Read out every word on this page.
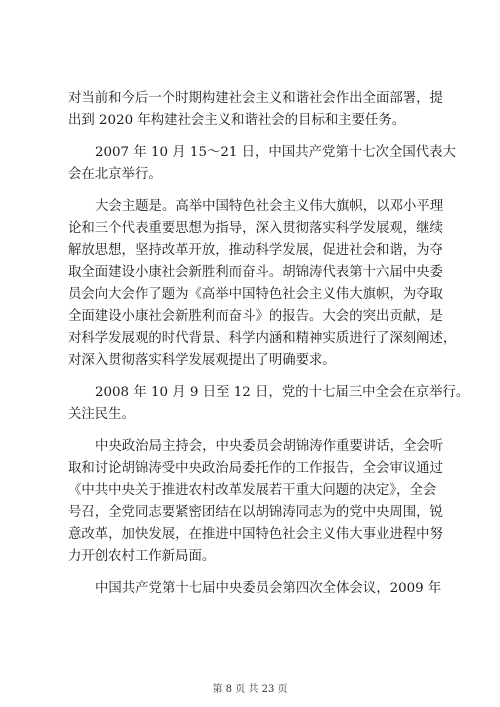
对当前和今后一个时期构建社会主义和谐社会作出全面部署，提
出到 2020 年构建社会主义和谐社会的目标和主要任务。

2007 年 10 月 15～21 日，中国共产党第十七次全国代表大
会在北京举行。

大会主题是。高举中国特色社会主义伟大旗帜，以邓小平理
论和三个代表重要思想为指导，深入贯彻落实科学发展观，继续
解放思想，坚持改革开放，推动科学发展，促进社会和谐，为夺
取全面建设小康社会新胜利而奋斗。胡锦涛代表第十六届中央委
员会向大会作了题为《高举中国特色社会主义伟大旗帜，为夺取
全面建设小康社会新胜利而奋斗》的报告。大会的突出贡献，是
对科学发展观的时代背景、科学内涵和精神实质进行了深刻阐述，
对深入贯彻落实科学发展观提出了明确要求。

2008 年 10 月 9 日至 12 日，党的十七届三中全会在京举行。
关注民生。

中央政治局主持会，中央委员会胡锦涛作重要讲话，全会听
取和讨论胡锦涛受中央政治局委托作的工作报告，全会审议通过
《中共中央关于推进农村改革发展若干重大问题的决定》，全会
号召，全党同志要紧密团结在以胡锦涛同志为的党中央周围，锐
意改革，加快发展，在推进中国特色社会主义伟大事业进程中努
力开创农村工作新局面。

中国共产党第十七届中央委员会第四次全体会议，2009 年

第 8 页 共 23 页
